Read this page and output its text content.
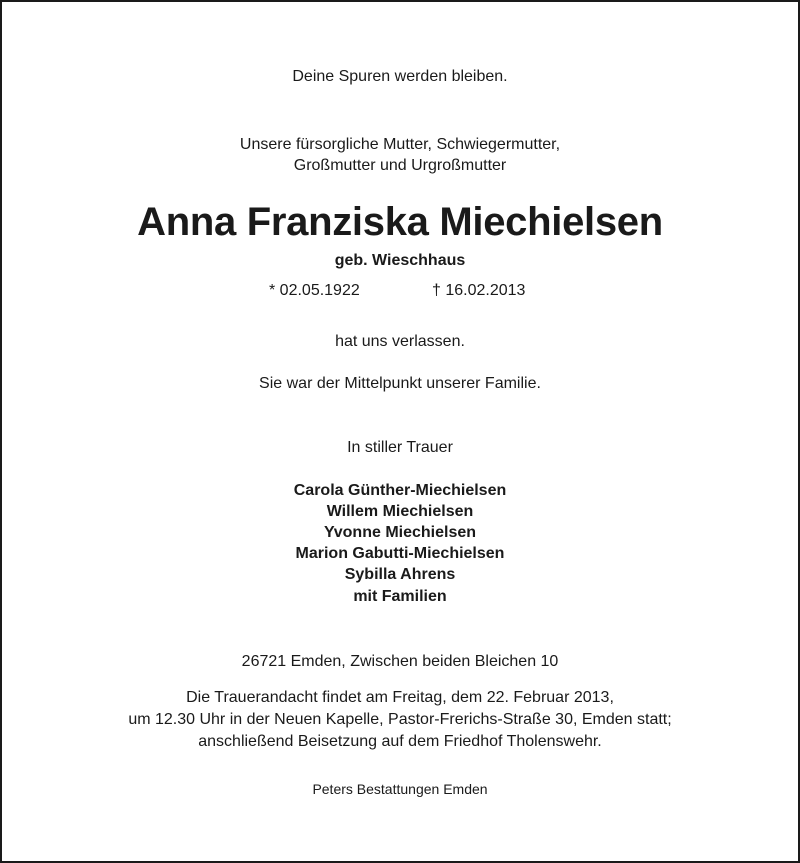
Deine Spuren werden bleiben.
Unsere fürsorgliche Mutter, Schwiegermutter,
Großmutter und Urgroßmutter
Anna Franziska Miechielsen
geb. Wieschhaus
* 02.05.1922	† 16.02.2013
hat uns verlassen.
Sie war der Mittelpunkt unserer Familie.
In stiller Trauer
Carola Günther-Miechielsen
Willem Miechielsen
Yvonne Miechielsen
Marion Gabutti-Miechielsen
Sybilla Ahrens
mit Familien
26721 Emden, Zwischen beiden Bleichen 10
Die Trauerandacht findet am Freitag, dem 22. Februar 2013,
um 12.30 Uhr in der Neuen Kapelle, Pastor-Frerichs-Straße 30, Emden statt;
anschließend Beisetzung auf dem Friedhof Tholenswehr.
Peters Bestattungen Emden
